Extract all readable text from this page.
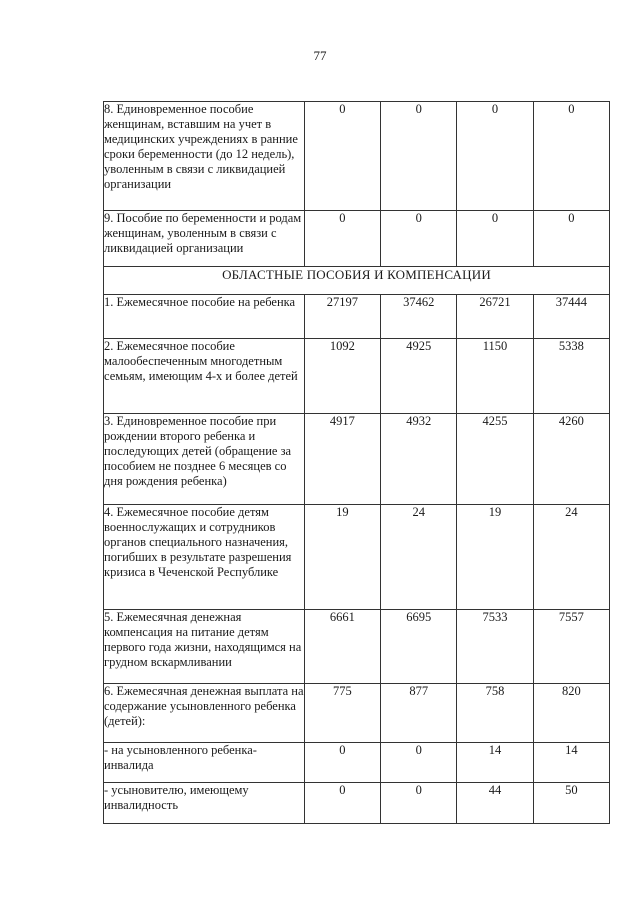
77
8. Единовременное пособие женщинам, вставшим на учет в медицинских учреждениях в ранние сроки беременности (до 12 недель), уволенным в связи с ликвидацией организации	0	0	0	0
9. Пособие по беременности и родам женщинам, уволенным в связи с ликвидацией организации	0	0	0	0
ОБЛАСТНЫЕ ПОСОБИЯ И КОМПЕНСАЦИИ				
1. Ежемесячное пособие на ребенка	27197	37462	26721	37444
2. Ежемесячное пособие малообеспеченным многодетным семьям, имеющим 4-х и более детей	1092	4925	1150	5338
3. Единовременное пособие при рождении второго ребенка и последующих детей (обращение за пособием не позднее 6 месяцев со дня рождения ребенка)	4917	4932	4255	4260
4. Ежемесячное пособие детям военнослужащих и сотрудников органов специального назначения, погибших в результате разрешения кризиса в Чеченской Республике	19	24	19	24
5. Ежемесячная денежная компенсация на питание детям первого года жизни, находящимся на грудном вскармливании	6661	6695	7533	7557
6. Ежемесячная денежная выплата на содержание усыновленного ребенка (детей):	775	877	758	820
- на усыновленного ребенка-инвалида	0	0	14	14
- усыновителю, имеющему инвалидность	0	0	44	50
